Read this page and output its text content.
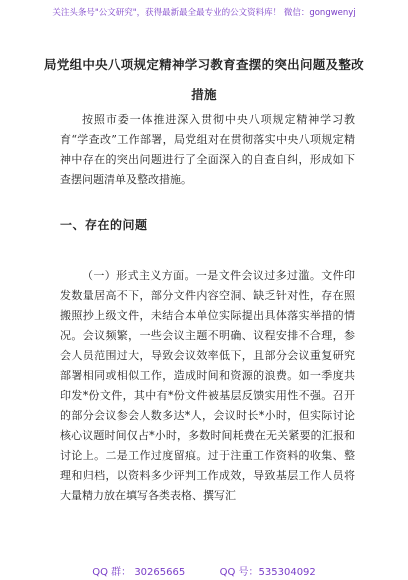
关注头条号"公文研究"，获得最新最全最专业的公文资料库！ 微信：gongwenyj
局党组中央八项规定精神学习教育查摆的突出问题及整改
措施

按照市委一体推进深入贯彻中央八项规定精神学习教育“学查改”工作部署，局党组对在贯彻落实中央八项规定精神中存在的突出问题进行了全面深入的自查自纠，形成如下查摆问题清单及整改措施。

一、存在的问题

（一）形式主义方面。一是文件会议过多过滥。文件印发数量居高不下，部分文件内容空洞、缺乏针对性，存在照搬照抄上级文件，未结合本单位实际提出具体落实举措的情况。会议频繁，一些会议主题不明确、议程安排不合理，参会人员范围过大，导致会议效率低下，且部分会议重复研究部署相同或相似工作，造成时间和资源的浪费。如一季度共印发*份文件，其中有*份文件被基层反馈实用性不强。召开的部分会议参会人数多达*人，会议时长*小时，但实际讨论核心议题时间仅占*小时，多数时间耗费在无关紧要的汇报和讨论上。二是工作过度留痕。过于注重工作资料的收集、整理和归档，以资料多少评判工作成效，导致基层工作人员将大量精力放在填写各类表格、撰写汇

QQ 群： 30265665	QQ 号：535304092
